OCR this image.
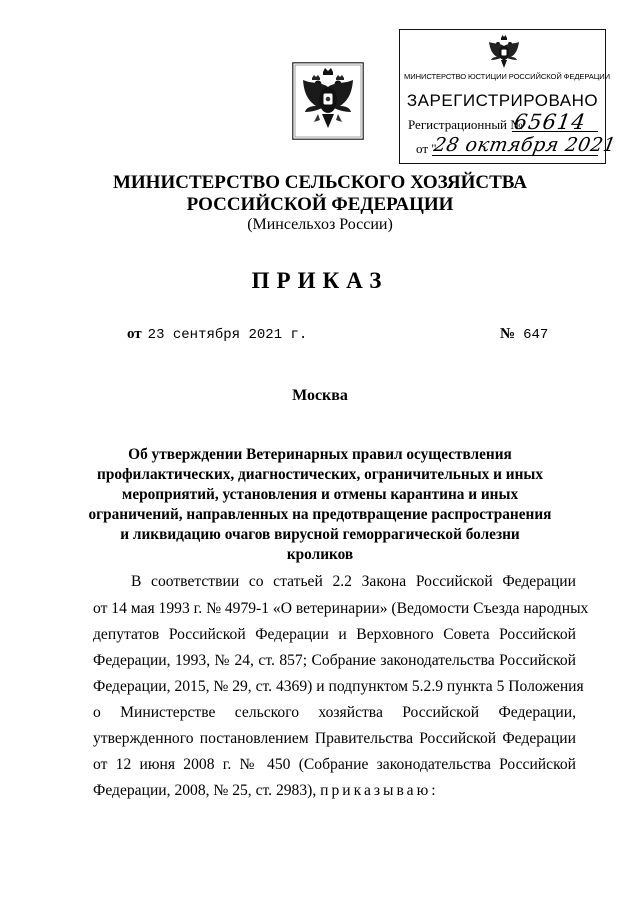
МИНИСТЕРСТВО ЮСТИЦИИ РОССИЙСКОЙ ФЕДЕРАЦИИ
ЗАРЕГИСТРИРОВАНО
Регистрационный №
65614
от "
28 октября 2021
МИНИСТЕРСТВО СЕЛЬСКОГО ХОЗЯЙСТВА
РОССИЙСКОЙ ФЕДЕРАЦИИ
(Минсельхоз России)
ПРИКАЗ
от 23 сентября 2021 г.	№ 647
Москва
Об утверждении Ветеринарных правил осуществления профилактических, диагностических, ограничительных и иных мероприятий, установления и отмены карантина и иных ограничений, направленных на предотвращение распространения и ликвидацию очагов вирусной геморрагической болезни кроликов
В соответствии со статьей 2.2 Закона Российской Федерации
от 14 мая 1993 г. № 4979-1 «О ветеринарии» (Ведомости Съезда народных
депутатов Российской Федерации и Верховного Совета Российской
Федерации, 1993, № 24, ст. 857; Собрание законодательства Российской
Федерации, 2015, № 29, ст. 4369) и подпунктом 5.2.9 пункта 5 Положения
о Министерстве сельского хозяйства Российской Федерации,
утвержденного постановлением Правительства Российской Федерации
от 12 июня 2008 г. № 450 (Собрание законодательства Российской
Федерации, 2008, № 25, ст. 2983), приказываю:
